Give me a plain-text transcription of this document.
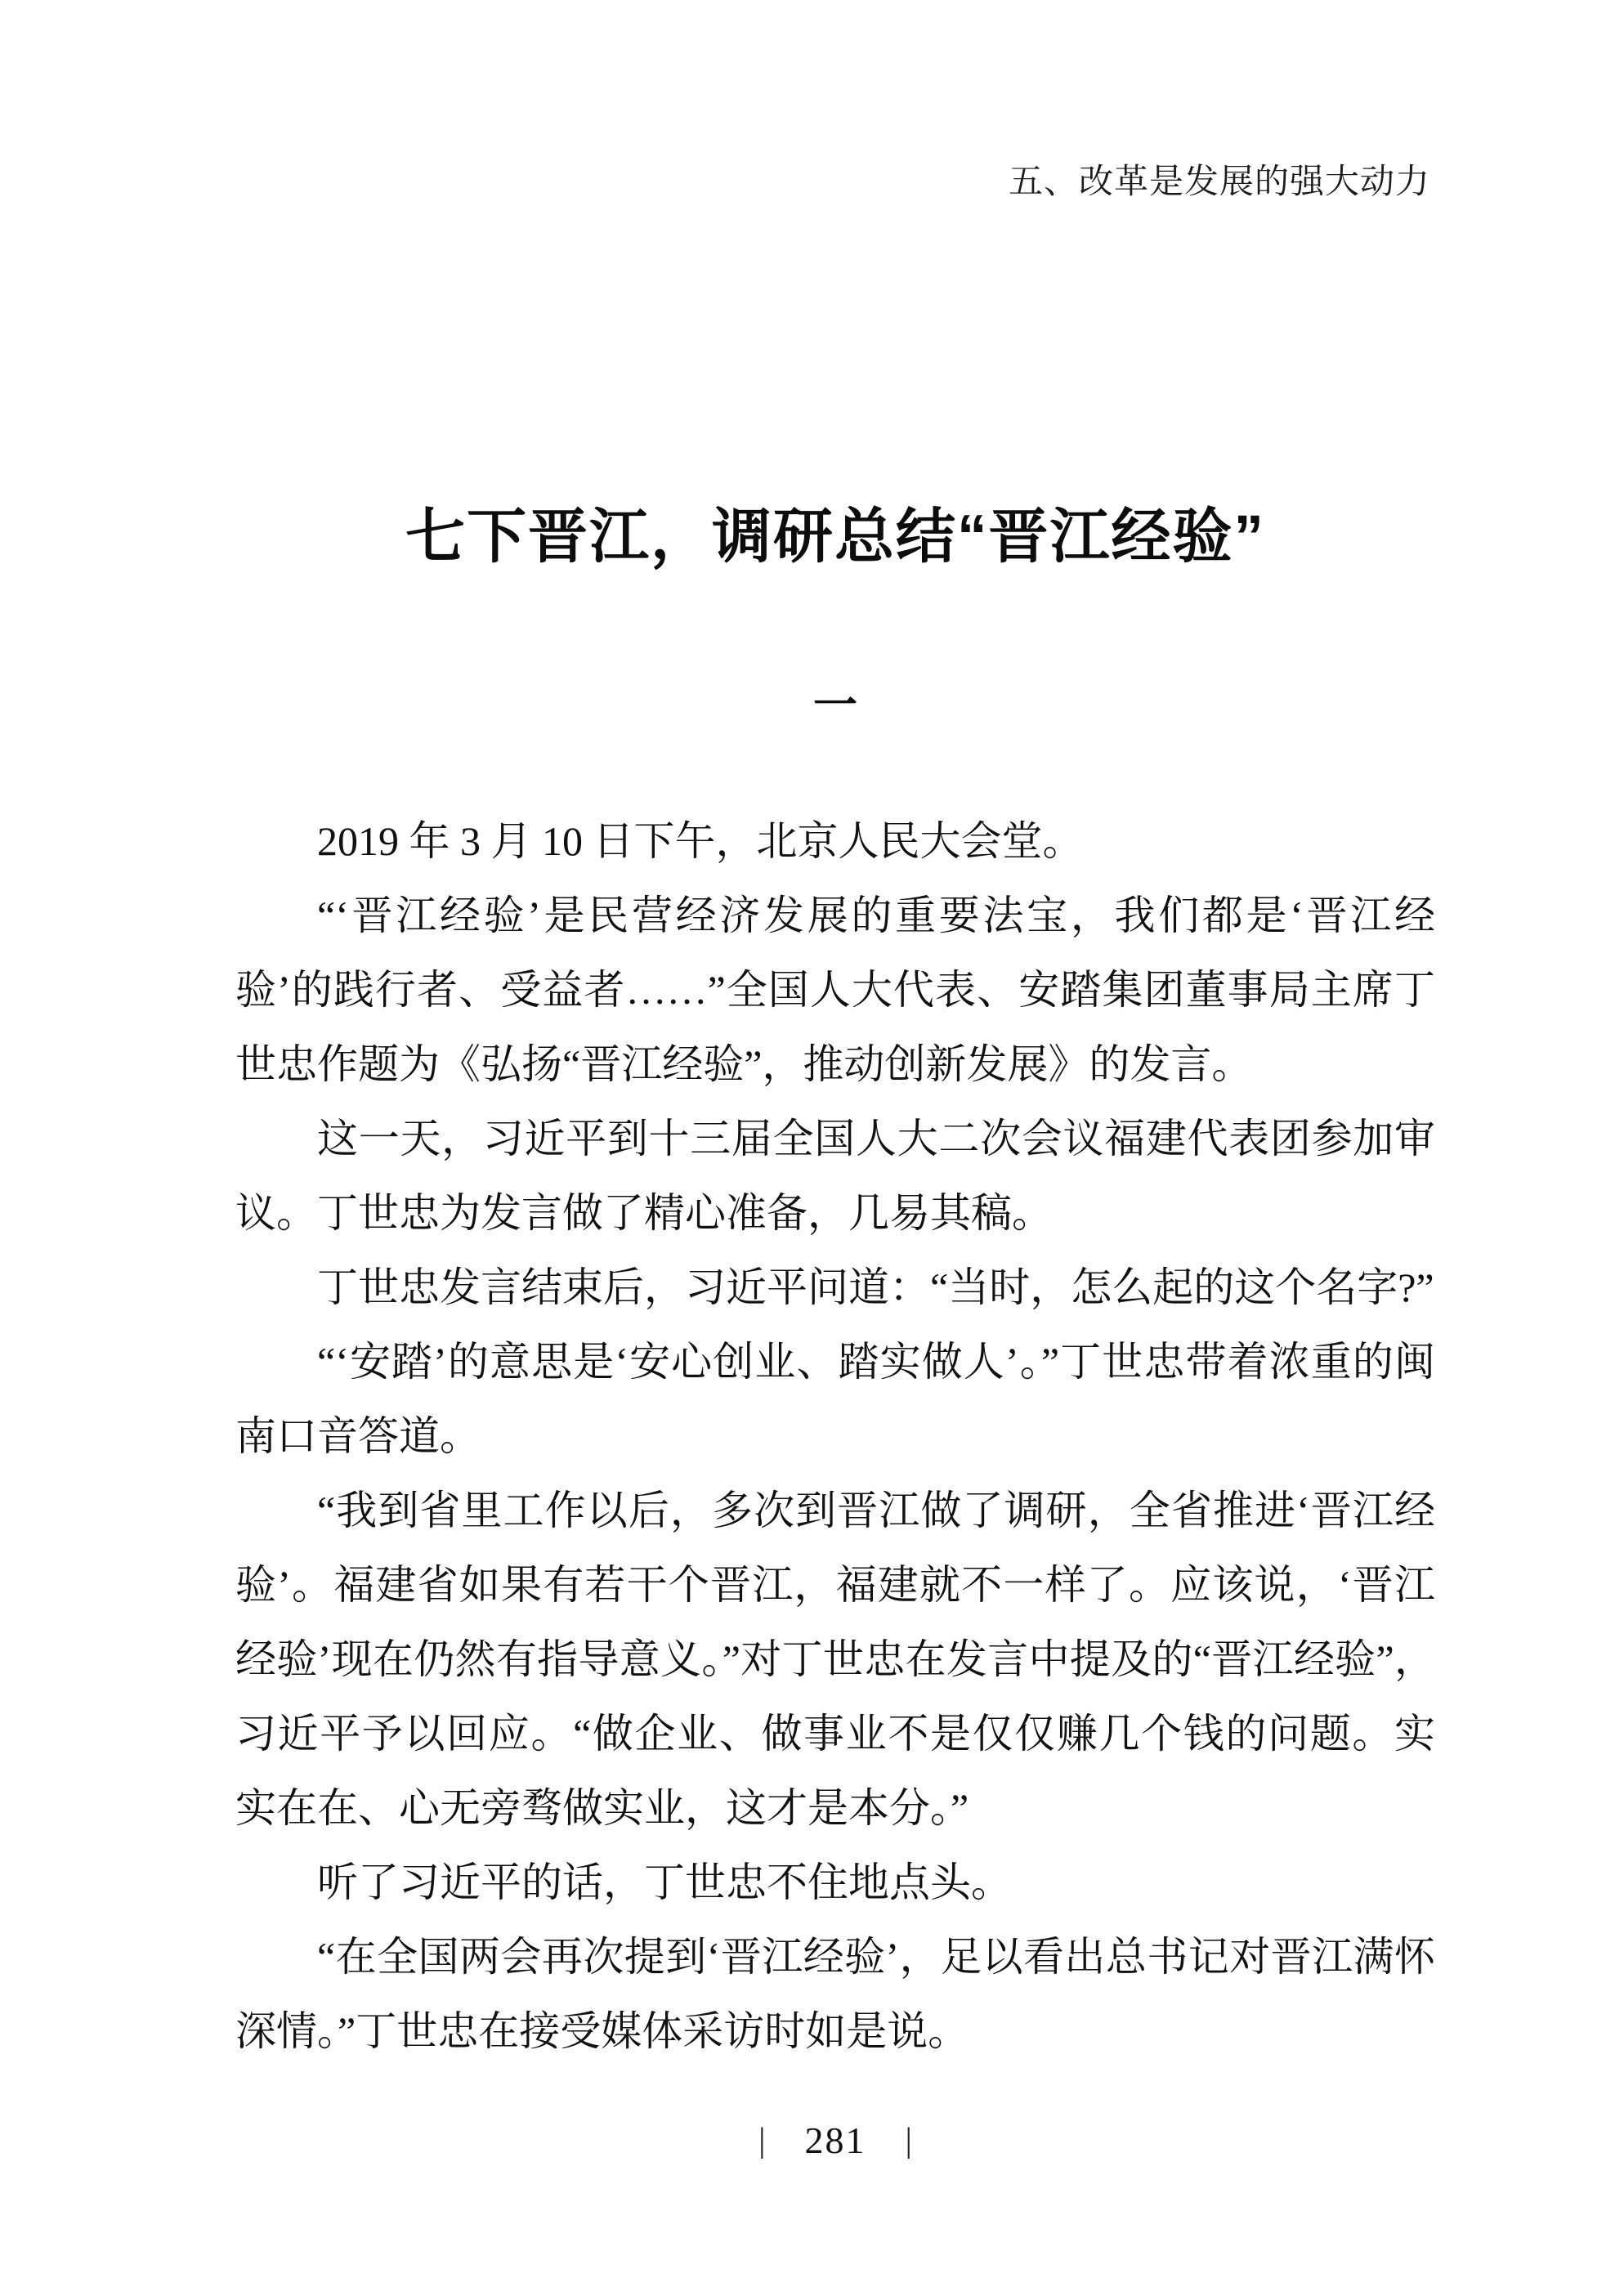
五、改革是发展的强大动力
七下晋江，调研总结“晋江经验”
一

2019 年 3 月 10 日下午，北京人民大会堂。

“‘晋江经验’是民营经济发展的重要法宝，我们都是‘晋江经验’的践行者、受益者……”全国人大代表、安踏集团董事局主席丁世忠作题为《弘扬“晋江经验”，推动创新发展》的发言。

这一天，习近平到十三届全国人大二次会议福建代表团参加审议。丁世忠为发言做了精心准备，几易其稿。

丁世忠发言结束后，习近平问道：“当时，怎么起的这个名字?”

“‘安踏’的意思是‘安心创业、踏实做人’。”丁世忠带着浓重的闽南口音答道。

“我到省里工作以后，多次到晋江做了调研，全省推进‘晋江经验’。福建省如果有若干个晋江，福建就不一样了。应该说，‘晋江经验’现在仍然有指导意义。”对丁世忠在发言中提及的“晋江经验”，习近平予以回应。“做企业、做事业不是仅仅赚几个钱的问题。实实在在、心无旁骛做实业，这才是本分。”

听了习近平的话，丁世忠不住地点头。

“在全国两会再次提到‘晋江经验’，足以看出总书记对晋江满怀深情。”丁世忠在接受媒体采访时如是说。

| 281 |
